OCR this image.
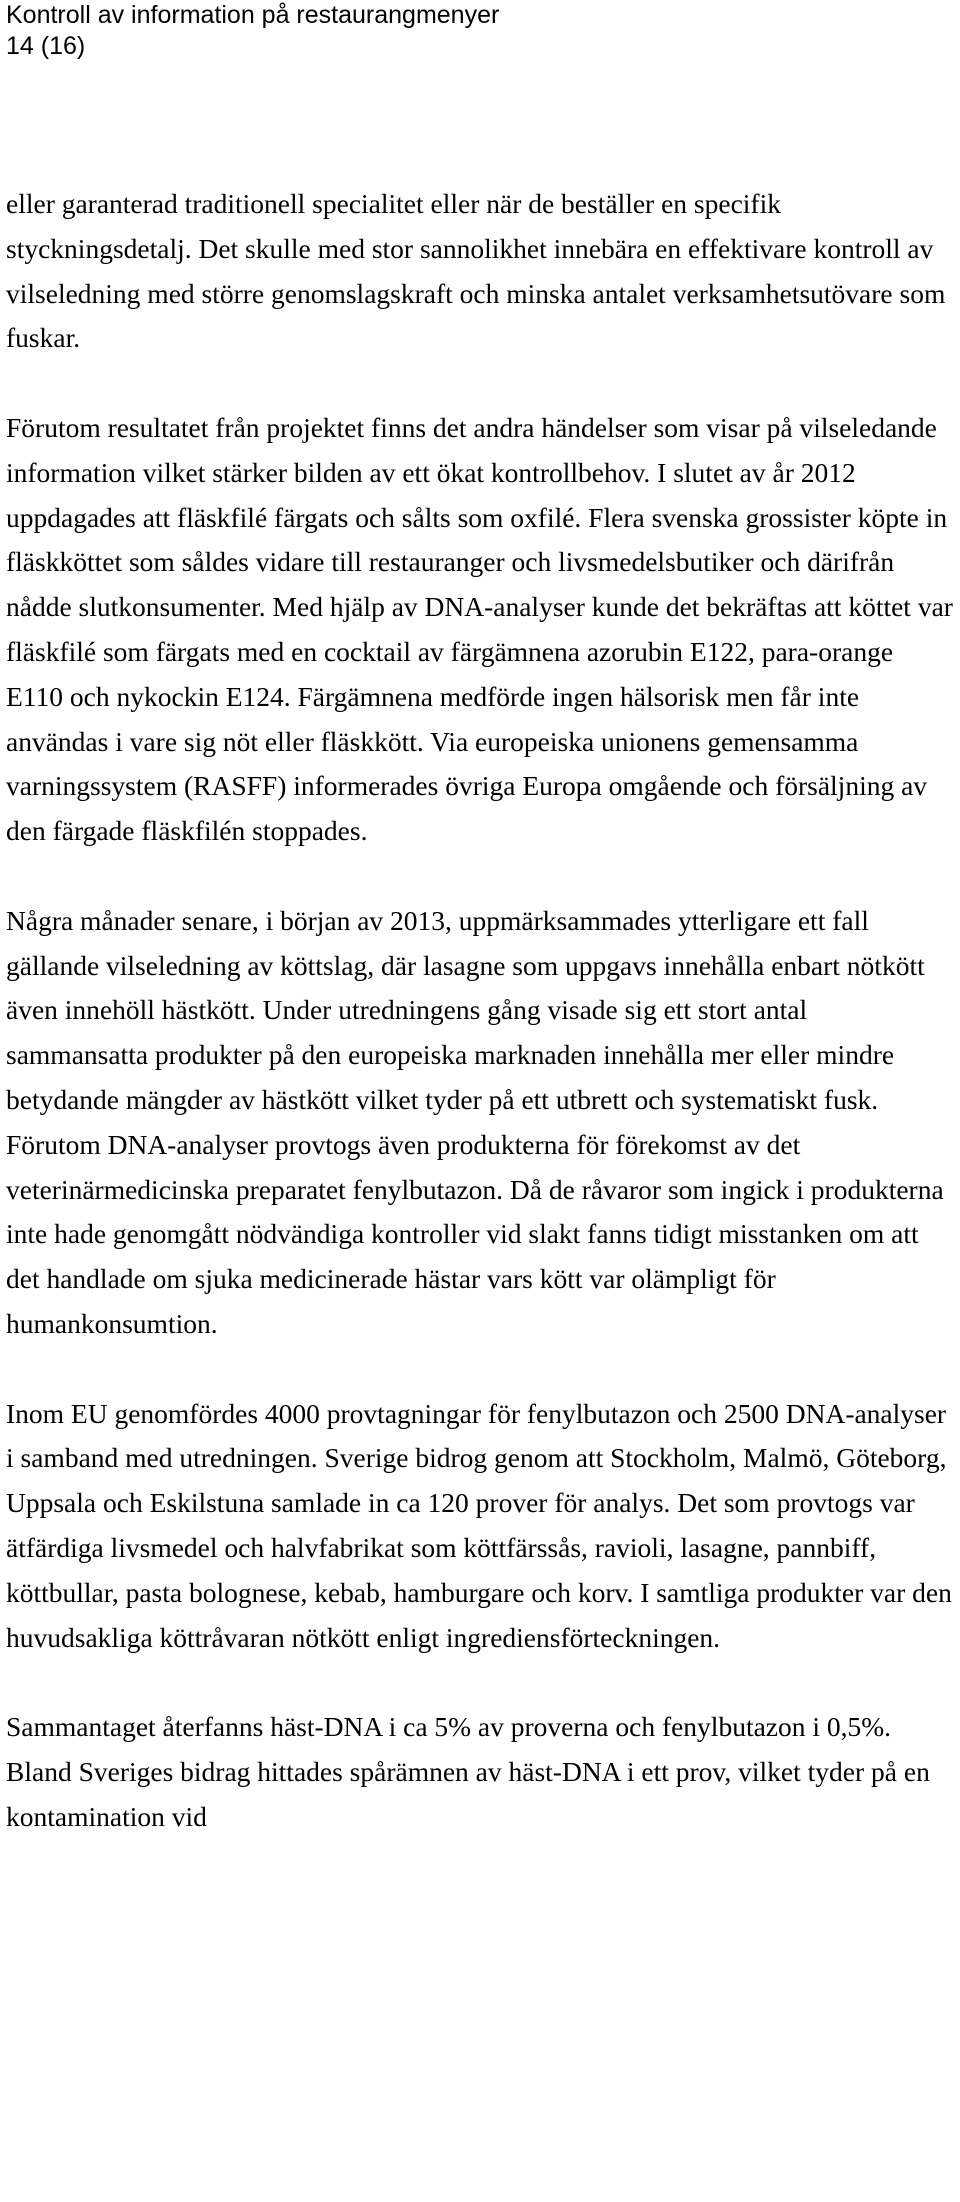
Kontroll av information på restaurangmenyer
14 (16)

eller garanterad traditionell specialitet eller när de beställer en specifik styckningsdetalj. Det skulle med stor sannolikhet innebära en effektivare kontroll av vilseledning med större genomslagskraft och minska antalet verksamhetsutövare som fuskar.

Förutom resultatet från projektet finns det andra händelser som visar på vilseledande information vilket stärker bilden av ett ökat kontrollbehov. I slutet av år 2012 uppdagades att fläskfilé färgats och sålts som oxfilé. Flera svenska grossister köpte in fläskköttet som såldes vidare till restauranger och livsmedelsbutiker och därifrån nådde slutkonsumenter. Med hjälp av DNA-analyser kunde det bekräftas att köttet var fläskfilé som färgats med en cocktail av färgämnena azorubin E122, para-orange E110 och nykockin E124. Färgämnena medförde ingen hälsorisk men får inte användas i vare sig nöt eller fläskkött. Via europeiska unionens gemensamma varningssystem (RASFF) informerades övriga Europa omgående och försäljning av den färgade fläskfilén stoppades.

Några månader senare, i början av 2013, uppmärksammades ytterligare ett fall gällande vilseledning av köttslag, där lasagne som uppgavs innehålla enbart nötkött även innehöll hästkött. Under utredningens gång visade sig ett stort antal sammansatta produkter på den europeiska marknaden innehålla mer eller mindre betydande mängder av hästkött vilket tyder på ett utbrett och systematiskt fusk. Förutom DNA-analyser provtogs även produkterna för förekomst av det veterinärmedicinska preparatet fenylbutazon. Då de råvaror som ingick i produkterna inte hade genomgått nödvändiga kontroller vid slakt fanns tidigt misstanken om att det handlade om sjuka medicinerade hästar vars kött var olämpligt för humankonsumtion.

Inom EU genomfördes 4000 provtagningar för fenylbutazon och 2500 DNA-analyser i samband med utredningen. Sverige bidrog genom att Stockholm, Malmö, Göteborg, Uppsala och Eskilstuna samlade in ca 120 prover för analys. Det som provtogs var ätfärdiga livsmedel och halvfabrikat som köttfärssås, ravioli, lasagne, pannbiff, köttbullar, pasta bolognese, kebab, hamburgare och korv. I samtliga produkter var den huvudsakliga köttråvaran nötkött enligt ingrediensförteckningen.

Sammantaget återfanns häst-DNA i ca 5% av proverna och fenylbutazon i 0,5%. Bland Sveriges bidrag hittades spårämnen av häst-DNA i ett prov, vilket tyder på en kontamination vid
